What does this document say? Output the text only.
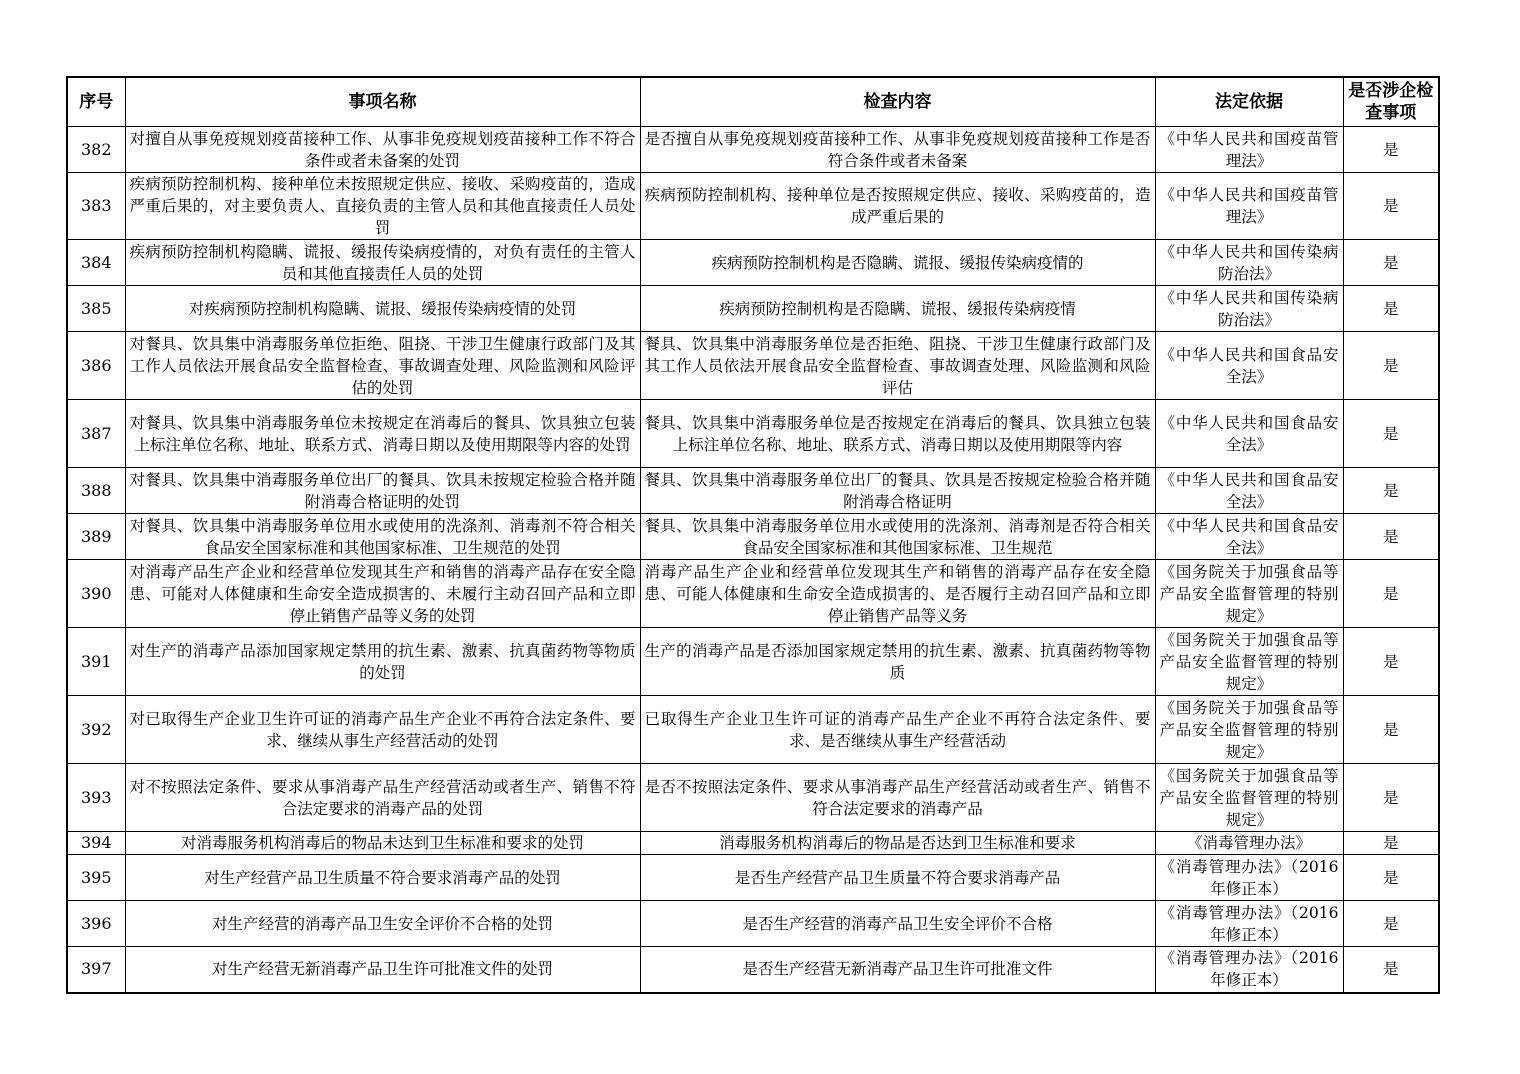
序号	事项名称	检查内容	法定依据	是否涉企检查事项
382	对擅自从事免疫规划疫苗接种工作、从事非免疫规划疫苗接种工作不符合条件或者未备案的处罚	是否擅自从事免疫规划疫苗接种工作、从事非免疫规划疫苗接种工作是否符合条件或者未备案	《中华人民共和国疫苗管理法》	是
383	疾病预防控制机构、接种单位未按照规定供应、接收、采购疫苗的，造成严重后果的，对主要负责人、直接负责的主管人员和其他直接责任人员处罚	疾病预防控制机构、接种单位是否按照规定供应、接收、采购疫苗的，造成严重后果的	《中华人民共和国疫苗管理法》	是
384	疾病预防控制机构隐瞒、谎报、缓报传染病疫情的，对负有责任的主管人员和其他直接责任人员的处罚	疾病预防控制机构是否隐瞒、谎报、缓报传染病疫情的	《中华人民共和国传染病防治法》	是
385	对疾病预防控制机构隐瞒、谎报、缓报传染病疫情的处罚	疾病预防控制机构是否隐瞒、谎报、缓报传染病疫情	《中华人民共和国传染病防治法》	是
386	对餐具、饮具集中消毒服务单位拒绝、阻挠、干涉卫生健康行政部门及其工作人员依法开展食品安全监督检查、事故调查处理、风险监测和风险评估的处罚	餐具、饮具集中消毒服务单位是否拒绝、阻挠、干涉卫生健康行政部门及其工作人员依法开展食品安全监督检查、事故调查处理、风险监测和风险评估	《中华人民共和国食品安全法》	是
387	对餐具、饮具集中消毒服务单位未按规定在消毒后的餐具、饮具独立包装上标注单位名称、地址、联系方式、消毒日期以及使用期限等内容的处罚	餐具、饮具集中消毒服务单位是否按规定在消毒后的餐具、饮具独立包装上标注单位名称、地址、联系方式、消毒日期以及使用期限等内容	《中华人民共和国食品安全法》	是
388	对餐具、饮具集中消毒服务单位出厂的餐具、饮具未按规定检验合格并随附消毒合格证明的处罚	餐具、饮具集中消毒服务单位出厂的餐具、饮具是否按规定检验合格并随附消毒合格证明	《中华人民共和国食品安全法》	是
389	对餐具、饮具集中消毒服务单位用水或使用的洗涤剂、消毒剂不符合相关食品安全国家标准和其他国家标准、卫生规范的处罚	餐具、饮具集中消毒服务单位用水或使用的洗涤剂、消毒剂是否符合相关食品安全国家标准和其他国家标准、卫生规范	《中华人民共和国食品安全法》	是
390	对消毒产品生产企业和经营单位发现其生产和销售的消毒产品存在安全隐患、可能对人体健康和生命安全造成损害的、未履行主动召回产品和立即停止销售产品等义务的处罚	消毒产品生产企业和经营单位发现其生产和销售的消毒产品存在安全隐患、可能人体健康和生命安全造成损害的、是否履行主动召回产品和立即停止销售产品等义务	《国务院关于加强食品等产品安全监督管理的特别规定》	是
391	对生产的消毒产品添加国家规定禁用的抗生素、激素、抗真菌药物等物质的处罚	生产的消毒产品是否添加国家规定禁用的抗生素、激素、抗真菌药物等物质	《国务院关于加强食品等产品安全监督管理的特别规定》	是
392	对已取得生产企业卫生许可证的消毒产品生产企业不再符合法定条件、要求、继续从事生产经营活动的处罚	已取得生产企业卫生许可证的消毒产品生产企业不再符合法定条件、要求、是否继续从事生产经营活动	《国务院关于加强食品等产品安全监督管理的特别规定》	是
393	对不按照法定条件、要求从事消毒产品生产经营活动或者生产、销售不符合法定要求的消毒产品的处罚	是否不按照法定条件、要求从事消毒产品生产经营活动或者生产、销售不符合法定要求的消毒产品	《国务院关于加强食品等产品安全监督管理的特别规定》	是
394	对消毒服务机构消毒后的物品未达到卫生标准和要求的处罚	消毒服务机构消毒后的物品是否达到卫生标准和要求	《消毒管理办法》	是
395	对生产经营产品卫生质量不符合要求消毒产品的处罚	是否生产经营产品卫生质量不符合要求消毒产品	《消毒管理办法》（2016年修正本）	是
396	对生产经营的消毒产品卫生安全评价不合格的处罚	是否生产经营的消毒产品卫生安全评价不合格	《消毒管理办法》（2016年修正本）	是
397	对生产经营无新消毒产品卫生许可批准文件的处罚	是否生产经营无新消毒产品卫生许可批准文件	《消毒管理办法》（2016年修正本）	是
